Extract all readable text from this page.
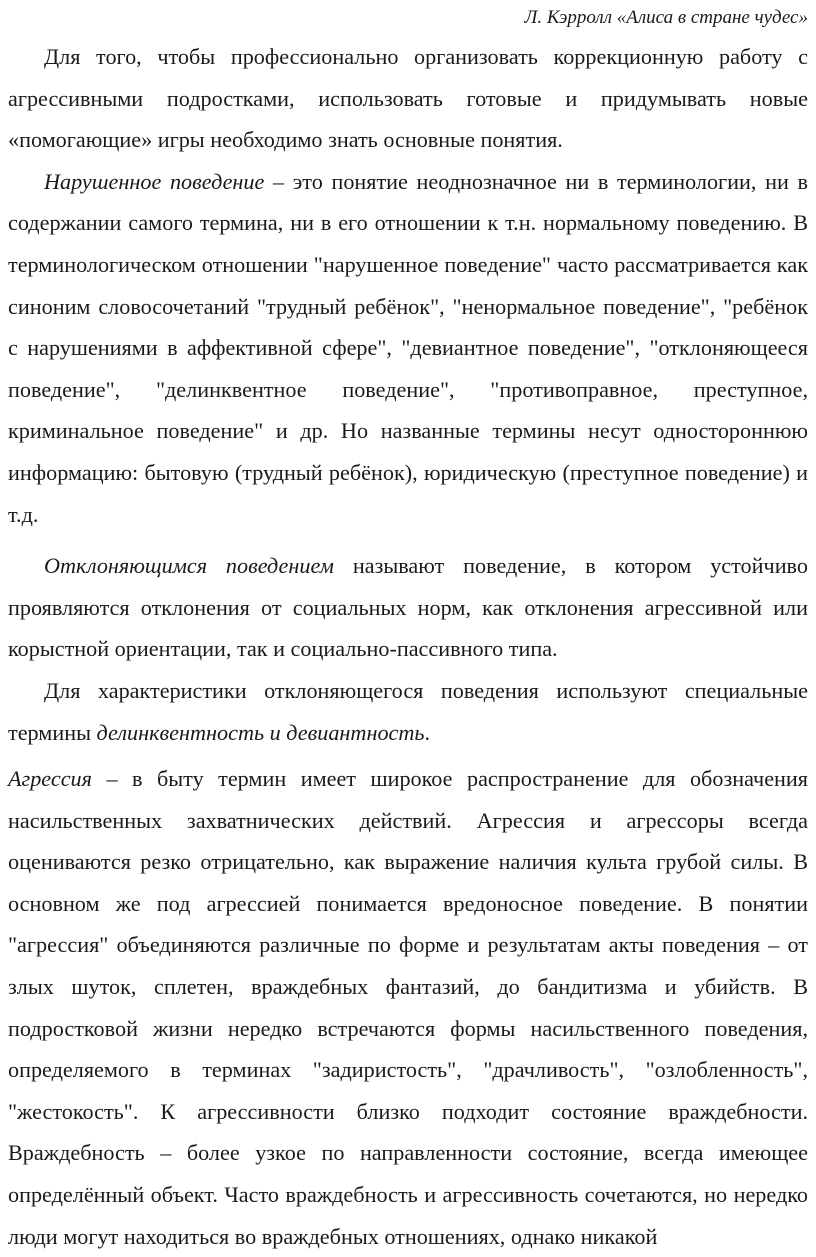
Л. Кэрролл «Алиса в стране чудес»

Для того, чтобы профессионально организовать коррекционную работу с агрессивными подростками, использовать готовые и придумывать новые «помогающие» игры необходимо знать основные понятия.

Нарушенное поведение – это понятие неоднозначное ни в терминологии, ни в содержании самого термина, ни в его отношении к т.н. нормальному поведению. В терминологическом отношении "нарушенное поведение" часто рассматривается как синоним словосочетаний "трудный ребёнок", "ненормальное поведение", "ребёнок с нарушениями в аффективной сфере", "девиантное поведение", "отклоняющееся поведение", "делинквентное поведение", "противоправное, преступное, криминальное поведение" и др. Но названные термины несут одностороннюю информацию: бытовую (трудный ребёнок), юридическую (преступное поведение) и т.д.

Отклоняющимся поведением называют поведение, в котором устойчиво проявляются отклонения от социальных норм, как отклонения агрессивной или корыстной ориентации, так и социально-пассивного типа.

Для характеристики отклоняющегося поведения используют специальные термины делинквентность и девиантность.

Агрессия – в быту термин имеет широкое распространение для обозначения насильственных захватнических действий. Агрессия и агрессоры всегда оцениваются резко отрицательно, как выражение наличия культа грубой силы. В основном же под агрессией понимается вредоносное поведение. В понятии "агрессия" объединяются различные по форме и результатам акты поведения – от злых шуток, сплетен, враждебных фантазий, до бандитизма и убийств. В подростковой жизни нередко встречаются формы насильственного поведения, определяемого в терминах "задиристость", "драчливость", "озлобленность", "жестокость". К агрессивности близко подходит состояние враждебности. Враждебность – более узкое по направленности состояние, всегда имеющее определённый объект. Часто враждебность и агрессивность сочетаются, но нередко люди могут находиться во враждебных отношениях, однако никакой
